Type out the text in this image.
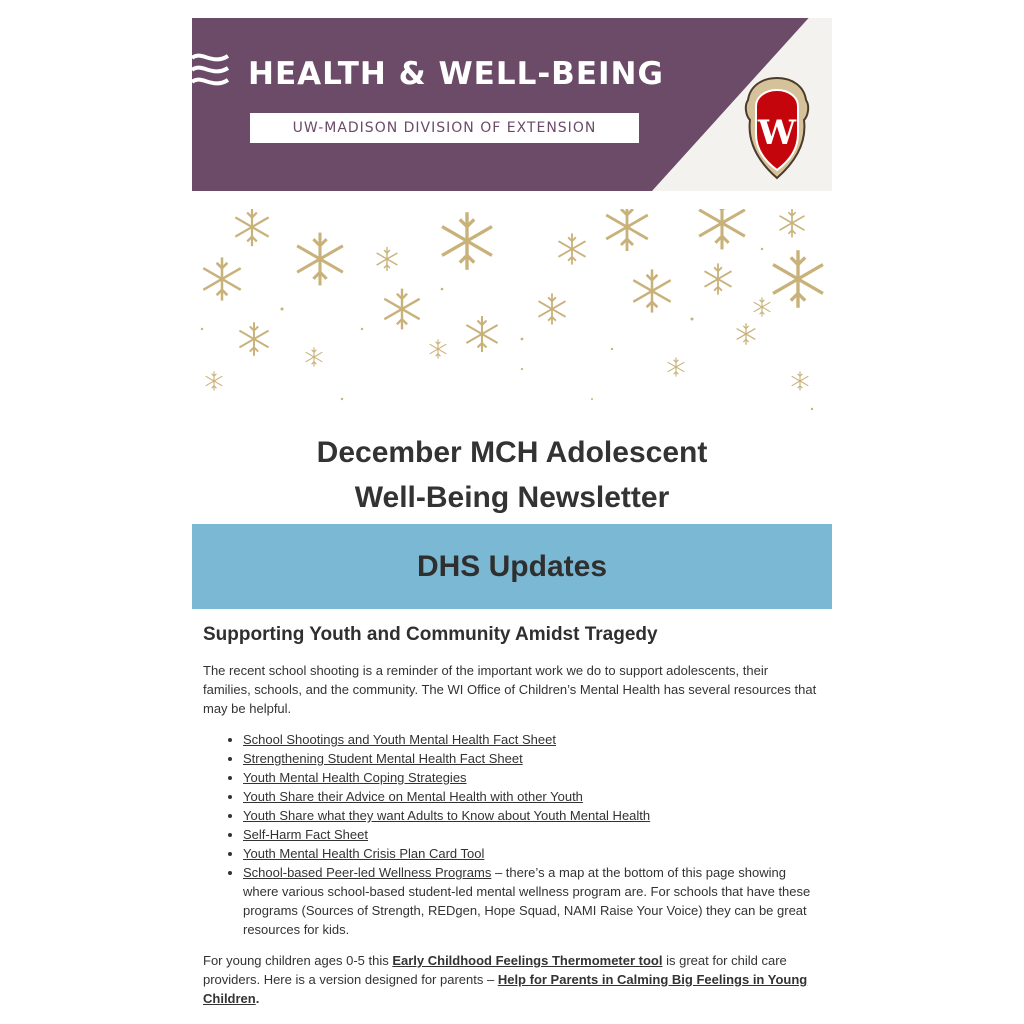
HEALTH & WELL-BEING
UW-MADISON DIVISION OF EXTENSION	W
December MCH Adolescent
Well-Being Newsletter
DHS Updates
Supporting Youth and Community Amidst Tragedy

The recent school shooting is a reminder of the important work we do to support adolescents, their families, schools, and the community. The WI Office of Children’s Mental Health has several resources that may be helpful.

• School Shootings and Youth Mental Health Fact Sheet
• Strengthening Student Mental Health Fact Sheet
• Youth Mental Health Coping Strategies
• Youth Share their Advice on Mental Health with other Youth
• Youth Share what they want Adults to Know about Youth Mental Health
• Self-Harm Fact Sheet
• Youth Mental Health Crisis Plan Card Tool
• School-based Peer-led Wellness Programs – there’s a map at the bottom of this page showing where various school-based student-led mental wellness program are. For schools that have these programs (Sources of Strength, REDgen, Hope Squad, NAMI Raise Your Voice) they can be great resources for kids.

For young children ages 0-5 this Early Childhood Feelings Thermometer tool is great for child care providers. Here is a version designed for parents – Help for Parents in Calming Big Feelings in Young Children.
